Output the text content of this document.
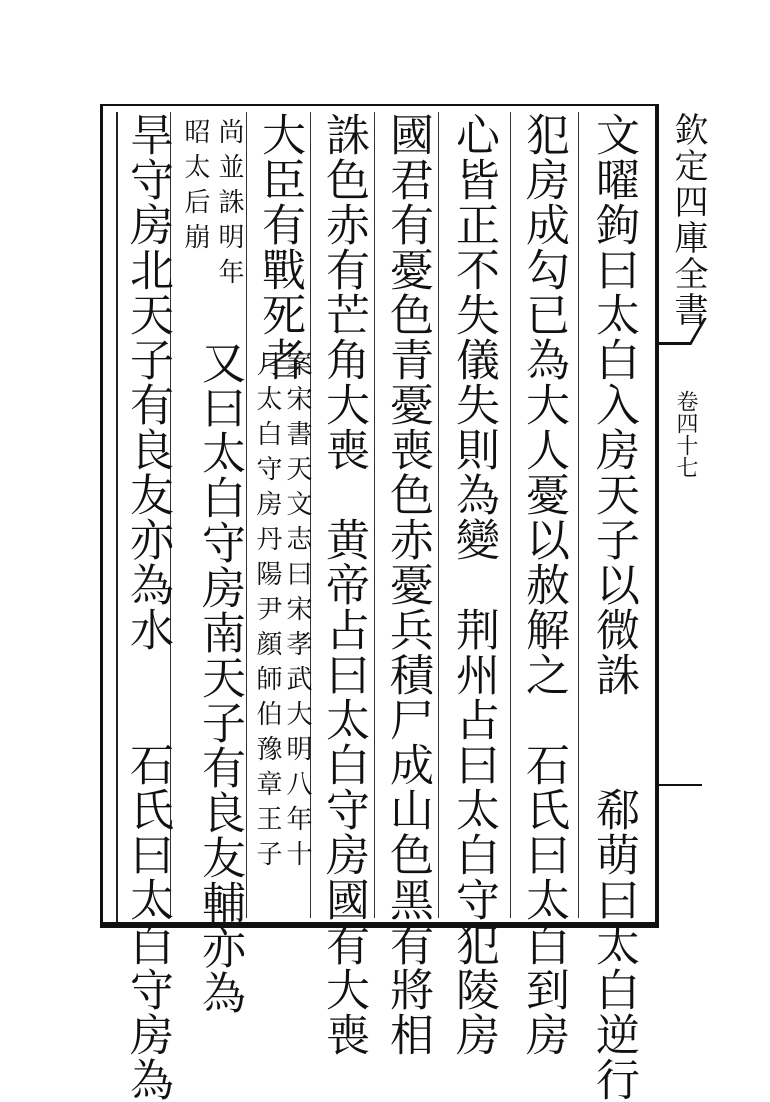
欽定四庫全書
卷四十七
文曜鉤曰太白入房天子以微誅　　郗萌曰太白逆行
犯房成勾已為大人憂以赦解之　石氏曰太白到房
心皆正不失儀失則為變　荆州占曰太白守犯陵房
國君有憂色青憂喪色赤憂兵積尸成山色黑有將相
誅色赤有芒角大喪　黄帝占曰太白守房國有大喪
大臣有戰死者
案宋書天文志曰宋孝武大明八年十
月太白守房丹陽尹顔師伯豫章王子
尚並誅明年
昭太后崩
又曰太白守房南天子有良友輔亦為
旱守房北天子有良友亦為水　　石氏曰太白守房為
